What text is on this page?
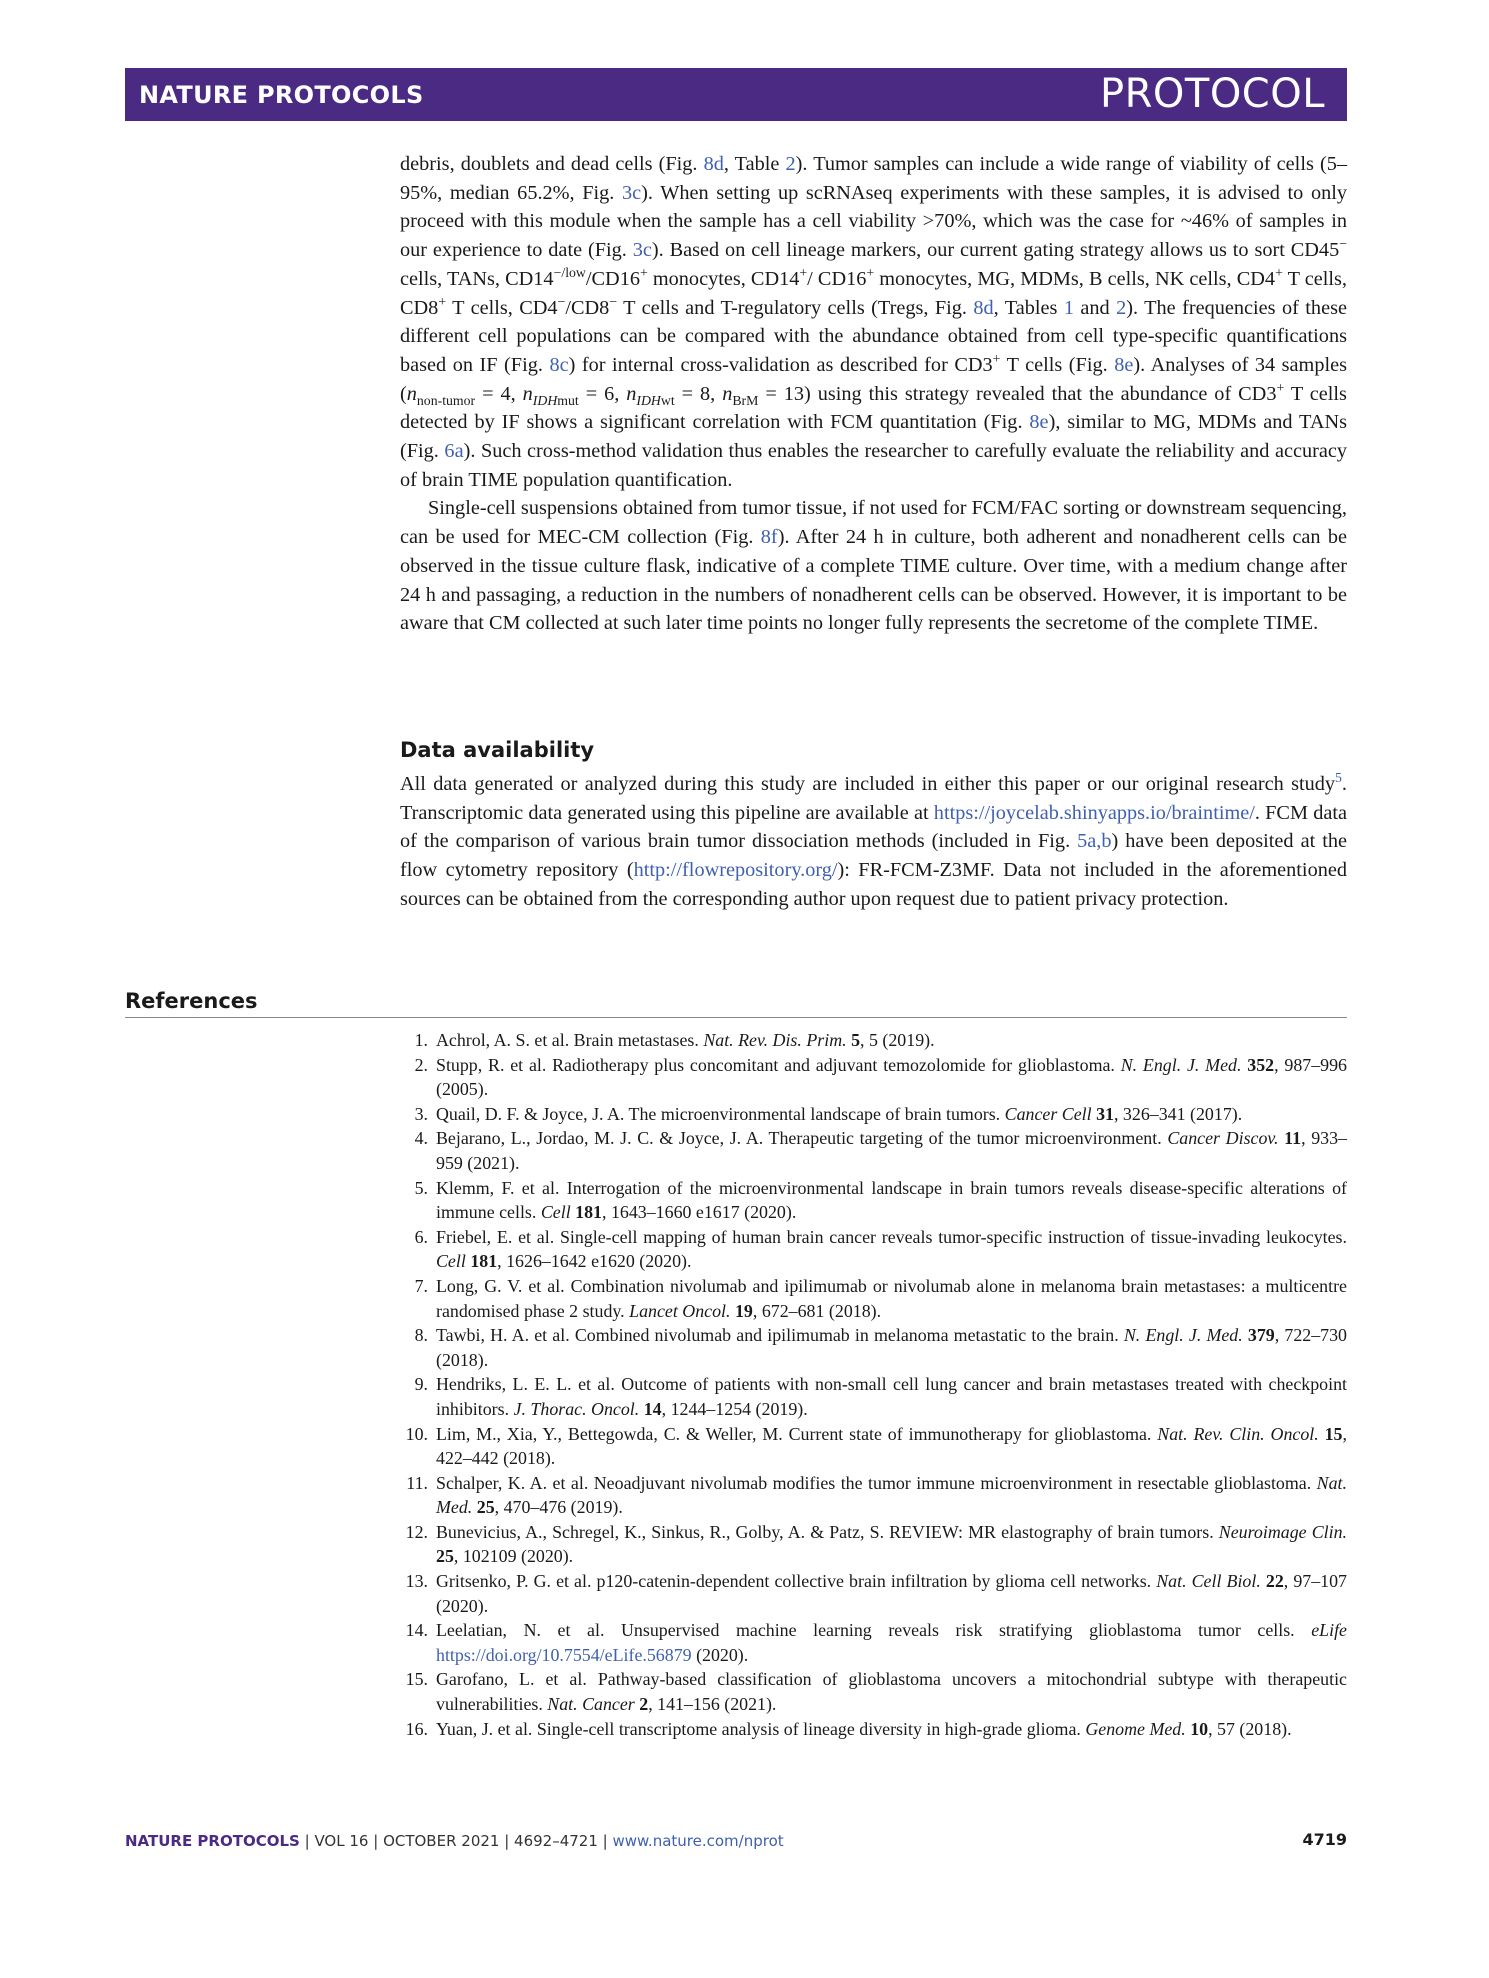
NATURE PROTOCOLS	PROTOCOL

debris, doublets and dead cells (Fig. 8d, Table 2). Tumor samples can include a wide range of viability of cells (5–95%, median 65.2%, Fig. 3c). When setting up scRNAseq experiments with these samples, it is advised to only proceed with this module when the sample has a cell viability >70%, which was the case for ~46% of samples in our experience to date (Fig. 3c). Based on cell lineage markers, our current gating strategy allows us to sort CD45− cells, TANs, $CD14^{-/low}/CD16^+$ monocytes, CD14+/ CD16+ monocytes, MG, MDMs, B cells, NK cells, CD4+ T cells, CD8+ T cells, CD4−/CD8− T cells and T-regulatory cells (Tregs, Fig. 8d, Tables 1 and 2). The frequencies of these different cell populations can be compared with the abundance obtained from cell type-specific quantifications based on IF (Fig. 8c) for internal cross-validation as described for CD3+ T cells (Fig. 8e). Analyses of 34 samples ($n_{non-tumor} = 4$, $n_{IDHmut} = 6$, $n_{IDHwt} = 8$, $n_{BrM} = 13$) using this strategy revealed that the abundance of CD3+ T cells detected by IF shows a significant correlation with FCM quantitation (Fig. 8e), similar to MG, MDMs and TANs (Fig. 6a). Such cross-method validation thus enables the researcher to carefully evaluate the reliability and accuracy of brain TIME population quantification.

Single-cell suspensions obtained from tumor tissue, if not used for FCM/FAC sorting or downstream sequencing, can be used for MEC-CM collection (Fig. 8f). After 24 h in culture, both adherent and nonadherent cells can be observed in the tissue culture flask, indicative of a complete TIME culture. Over time, with a medium change after 24 h and passaging, a reduction in the numbers of nonadherent cells can be observed. However, it is important to be aware that CM collected at such later time points no longer fully represents the secretome of the complete TIME.

Data availability
All data generated or analyzed during this study are included in either this paper or our original research study$^5$. Transcriptomic data generated using this pipeline are available at https://joycelab.shinyapps.io/braintime/. FCM data of the comparison of various brain tumor dissociation methods (included in Fig. 5a,b) have been deposited at the flow cytometry repository (http://flowrepository.org/): FR-FCM-Z3MF. Data not included in the aforementioned sources can be obtained from the corresponding author upon request due to patient privacy protection.
References
1. Achrol, A. S. et al. Brain metastases. Nat. Rev. Dis. Prim. 5, 5 (2019).
2. Stupp, R. et al. Radiotherapy plus concomitant and adjuvant temozolomide for glioblastoma. N. Engl. J. Med. 352, 987–996 (2005).
3. Quail, D. F. & Joyce, J. A. The microenvironmental landscape of brain tumors. Cancer Cell 31, 326–341 (2017).
4. Bejarano, L., Jordao, M. J. C. & Joyce, J. A. Therapeutic targeting of the tumor microenvironment. Cancer Discov. 11, 933–959 (2021).
5. Klemm, F. et al. Interrogation of the microenvironmental landscape in brain tumors reveals disease-specific alterations of immune cells. Cell 181, 1643–1660 e1617 (2020).
6. Friebel, E. et al. Single-cell mapping of human brain cancer reveals tumor-specific instruction of tissue-invading leukocytes. Cell 181, 1626–1642 e1620 (2020).
7. Long, G. V. et al. Combination nivolumab and ipilimumab or nivolumab alone in melanoma brain metastases: a multicentre randomised phase 2 study. Lancet Oncol. 19, 672–681 (2018).
8. Tawbi, H. A. et al. Combined nivolumab and ipilimumab in melanoma metastatic to the brain. N. Engl. J. Med. 379, 722–730 (2018).
9. Hendriks, L. E. L. et al. Outcome of patients with non-small cell lung cancer and brain metastases treated with checkpoint inhibitors. J. Thorac. Oncol. 14, 1244–1254 (2019).
10. Lim, M., Xia, Y., Bettegowda, C. & Weller, M. Current state of immunotherapy for glioblastoma. Nat. Rev. Clin. Oncol. 15, 422–442 (2018).
11. Schalper, K. A. et al. Neoadjuvant nivolumab modifies the tumor immune microenvironment in resectable glioblastoma. Nat. Med. 25, 470–476 (2019).
12. Bunevicius, A., Schregel, K., Sinkus, R., Golby, A. & Patz, S. REVIEW: MR elastography of brain tumors. Neuroimage Clin. 25, 102109 (2020).
13. Gritsenko, P. G. et al. p120-catenin-dependent collective brain infiltration by glioma cell networks. Nat. Cell Biol. 22, 97–107 (2020).
14. Leelatian, N. et al. Unsupervised machine learning reveals risk stratifying glioblastoma tumor cells. eLife https://doi.org/10.7554/eLife.56879 (2020).
15. Garofano, L. et al. Pathway-based classification of glioblastoma uncovers a mitochondrial subtype with therapeutic vulnerabilities. Nat. Cancer 2, 141–156 (2021).
16. Yuan, J. et al. Single-cell transcriptome analysis of lineage diversity in high-grade glioma. Genome Med. 10, 57 (2018).
NATURE PROTOCOLS | VOL 16 | OCTOBER 2021 | 4692–4721 | www.nature.com/nprot	4719
